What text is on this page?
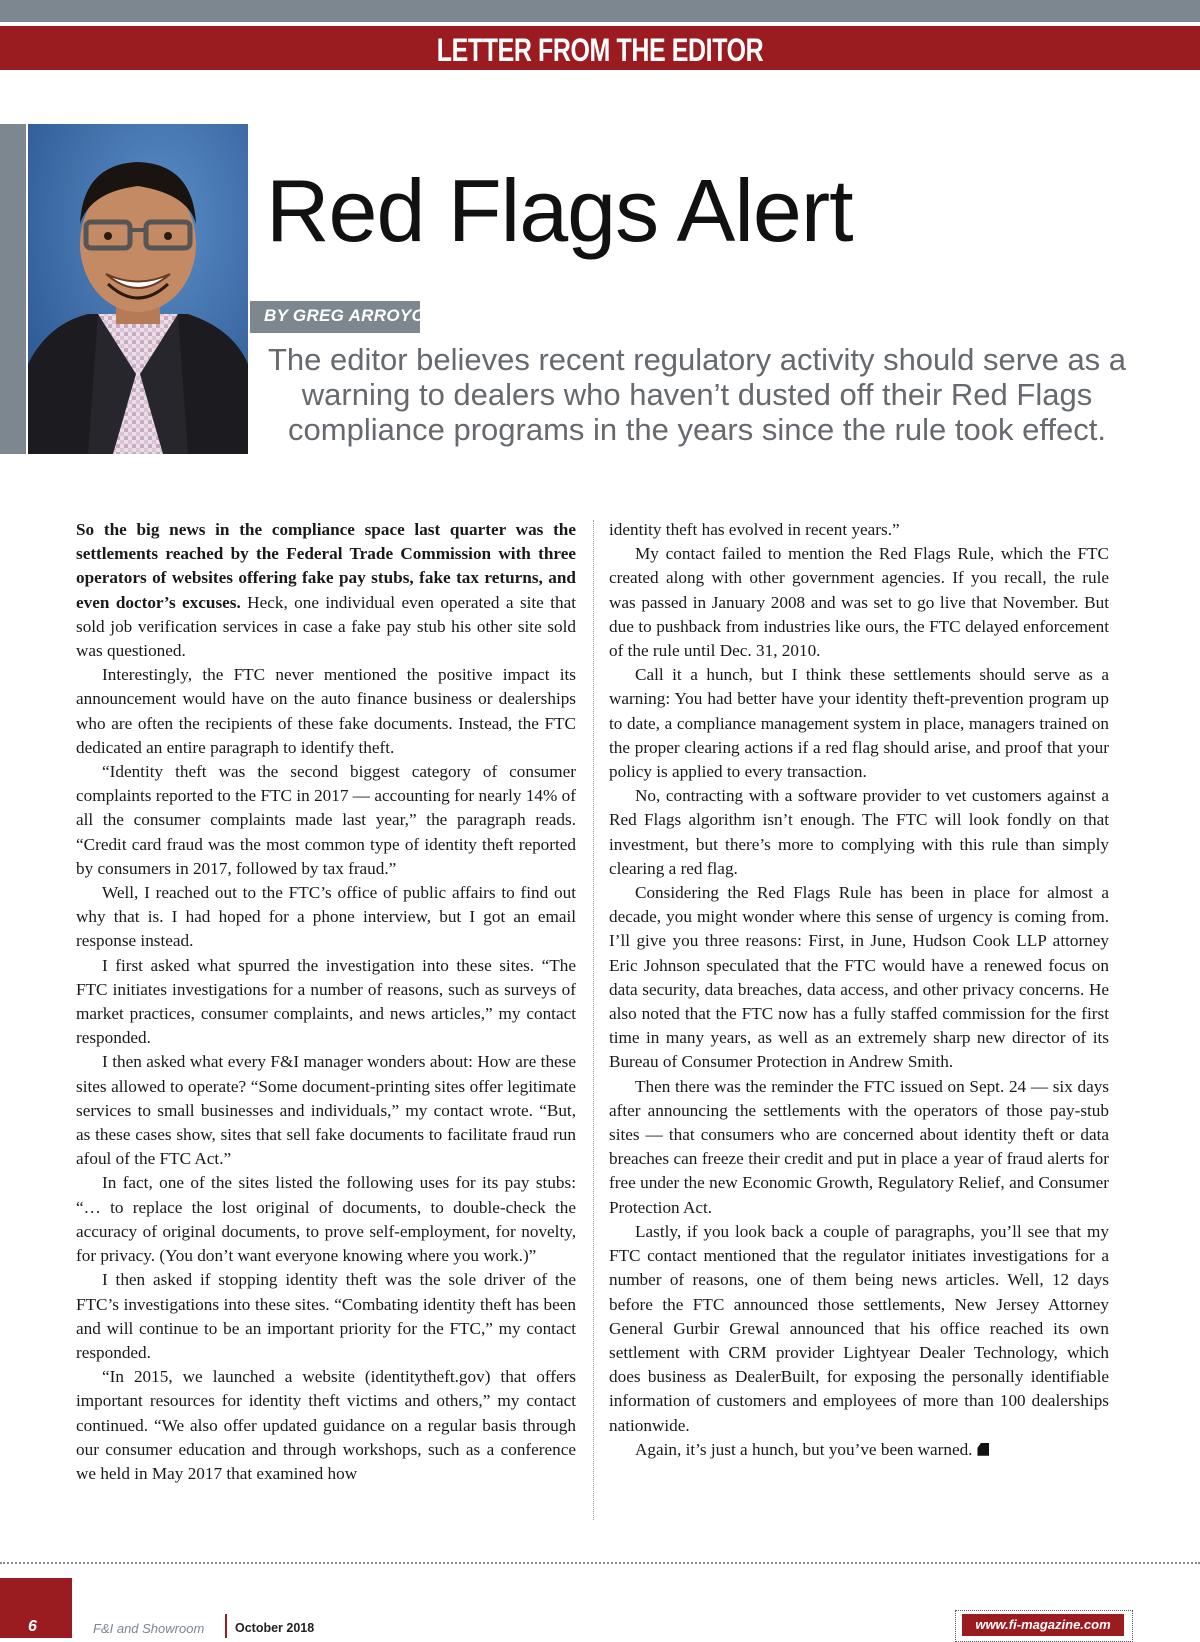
LETTER FROM THE EDITOR
Red Flags Alert
BY GREG ARROYO
The editor believes recent regulatory activity should serve as a warning to dealers who haven’t dusted off their Red Flags compliance programs in the years since the rule took effect.

So the big news in the compliance space last quarter was the settlements reached by the Federal Trade Commission with three operators of websites offering fake pay stubs, fake tax returns, and even doctor’s excuses. Heck, one individual even operated a site that sold job verification services in case a fake pay stub his other site sold was questioned.

Interestingly, the FTC never mentioned the positive impact its announcement would have on the auto finance business or dealerships who are often the recipients of these fake documents. Instead, the FTC dedicated an entire paragraph to identify theft.

“Identity theft was the second biggest category of consumer complaints reported to the FTC in 2017 — accounting for nearly 14% of all the consumer complaints made last year,” the paragraph reads. “Credit card fraud was the most common type of identity theft reported by consumers in 2017, followed by tax fraud.”

Well, I reached out to the FTC’s office of public affairs to find out why that is. I had hoped for a phone interview, but I got an email response instead.

I first asked what spurred the investigation into these sites. “The FTC initiates investigations for a number of reasons, such as surveys of market practices, consumer complaints, and news articles,” my contact responded.

I then asked what every F&I manager wonders about: How are these sites allowed to operate? “Some document-printing sites offer legitimate services to small businesses and individuals,” my contact wrote. “But, as these cases show, sites that sell fake documents to facilitate fraud run afoul of the FTC Act.”

In fact, one of the sites listed the following uses for its pay stubs: “… to replace the lost original of documents, to double-check the accuracy of original documents, to prove self-employment, for novelty, for privacy. (You don’t want everyone knowing where you work.)”

I then asked if stopping identity theft was the sole driver of the FTC’s investigations into these sites. “Combating identity theft has been and will continue to be an important priority for the FTC,” my contact responded.

“In 2015, we launched a website (identitytheft.gov) that offers important resources for identity theft victims and others,” my contact continued. “We also offer updated guidance on a regular basis through our consumer education and through workshops, such as a conference we held in May 2017 that examined how

identity theft has evolved in recent years.”

My contact failed to mention the Red Flags Rule, which the FTC created along with other government agencies. If you recall, the rule was passed in January 2008 and was set to go live that November. But due to pushback from industries like ours, the FTC delayed enforcement of the rule until Dec. 31, 2010.

Call it a hunch, but I think these settlements should serve as a warning: You had better have your identity theft-prevention program up to date, a compliance management system in place, managers trained on the proper clearing actions if a red flag should arise, and proof that your policy is applied to every transaction.

No, contracting with a software provider to vet customers against a Red Flags algorithm isn’t enough. The FTC will look fondly on that investment, but there’s more to complying with this rule than simply clearing a red flag.

Considering the Red Flags Rule has been in place for almost a decade, you might wonder where this sense of urgency is coming from. I’ll give you three reasons: First, in June, Hudson Cook LLP attorney Eric Johnson speculated that the FTC would have a renewed focus on data security, data breaches, data access, and other privacy concerns. He also noted that the FTC now has a fully staffed commission for the first time in many years, as well as an extremely sharp new director of its Bureau of Consumer Protection in Andrew Smith.

Then there was the reminder the FTC issued on Sept. 24 — six days after announcing the settlements with the operators of those pay-stub sites — that consumers who are concerned about identity theft or data breaches can freeze their credit and put in place a year of fraud alerts for free under the new Economic Growth, Regulatory Relief, and Consumer Protection Act.

Lastly, if you look back a couple of paragraphs, you’ll see that my FTC contact mentioned that the regulator initiates investigations for a number of reasons, one of them being news articles. Well, 12 days before the FTC announced those settlements, New Jersey Attorney General Gurbir Grewal announced that his office reached its own settlement with CRM provider Lightyear Dealer Technology, which does business as DealerBuilt, for exposing the personally identifiable information of customers and employees of more than 100 dealerships nationwide.

Again, it’s just a hunch, but you’ve been warned.

6	F&I and Showroom October 2018	www.fi-magazine.com
